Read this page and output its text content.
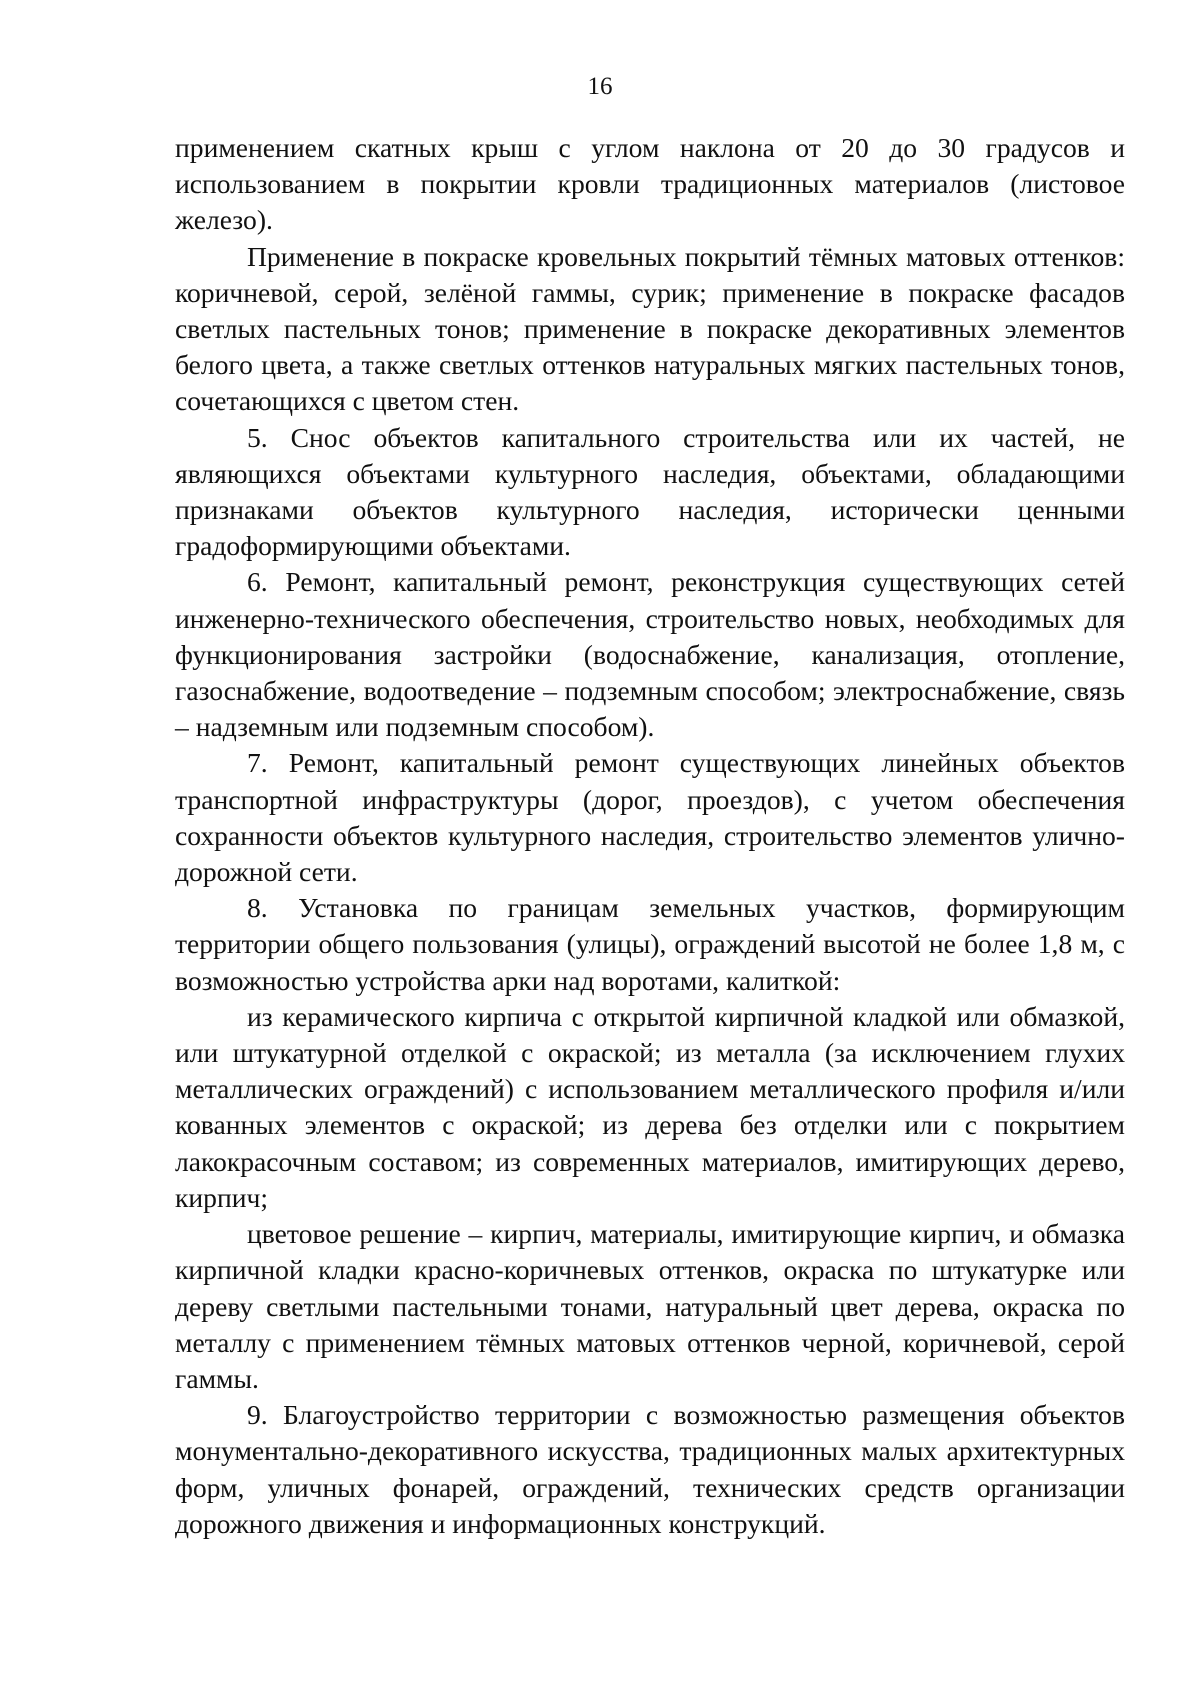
16

применением скатных крыш с углом наклона от 20 до 30 градусов и использованием в покрытии кровли традиционных материалов (листовое железо).

Применение в покраске кровельных покрытий тёмных матовых оттенков: коричневой, серой, зелёной гаммы, сурик; применение в покраске фасадов светлых пастельных тонов; применение в покраске декоративных элементов белого цвета, а также светлых оттенков натуральных мягких пастельных тонов, сочетающихся с цветом стен.

5. Снос объектов капитального строительства или их частей, не являющихся объектами культурного наследия, объектами, обладающими признаками объектов культурного наследия, исторически ценными градоформирующими объектами.

6. Ремонт, капитальный ремонт, реконструкция существующих сетей инженерно-технического обеспечения, строительство новых, необходимых для функционирования застройки (водоснабжение, канализация, отопление, газоснабжение, водоотведение – подземным способом; электроснабжение, связь – надземным или подземным способом).

7. Ремонт, капитальный ремонт существующих линейных объектов транспортной инфраструктуры (дорог, проездов), с учетом обеспечения сохранности объектов культурного наследия, строительство элементов улично-дорожной сети.

8. Установка по границам земельных участков, формирующим территории общего пользования (улицы), ограждений высотой не более 1,8 м, с возможностью устройства арки над воротами, калиткой:

из керамического кирпича с открытой кирпичной кладкой или обмазкой, или штукатурной отделкой с окраской; из металла (за исключением глухих металлических ограждений) с использованием металлического профиля и/или кованных элементов с окраской; из дерева без отделки или с покрытием лакокрасочным составом; из современных материалов, имитирующих дерево, кирпич;

цветовое решение – кирпич, материалы, имитирующие кирпич, и обмазка кирпичной кладки красно-коричневых оттенков, окраска по штукатурке или дереву светлыми пастельными тонами, натуральный цвет дерева, окраска по металлу с применением тёмных матовых оттенков черной, коричневой, серой гаммы.

9. Благоустройство территории с возможностью размещения объектов монументально-декоративного искусства, традиционных малых архитектурных форм, уличных фонарей, ограждений, технических средств организации дорожного движения и информационных конструкций.
